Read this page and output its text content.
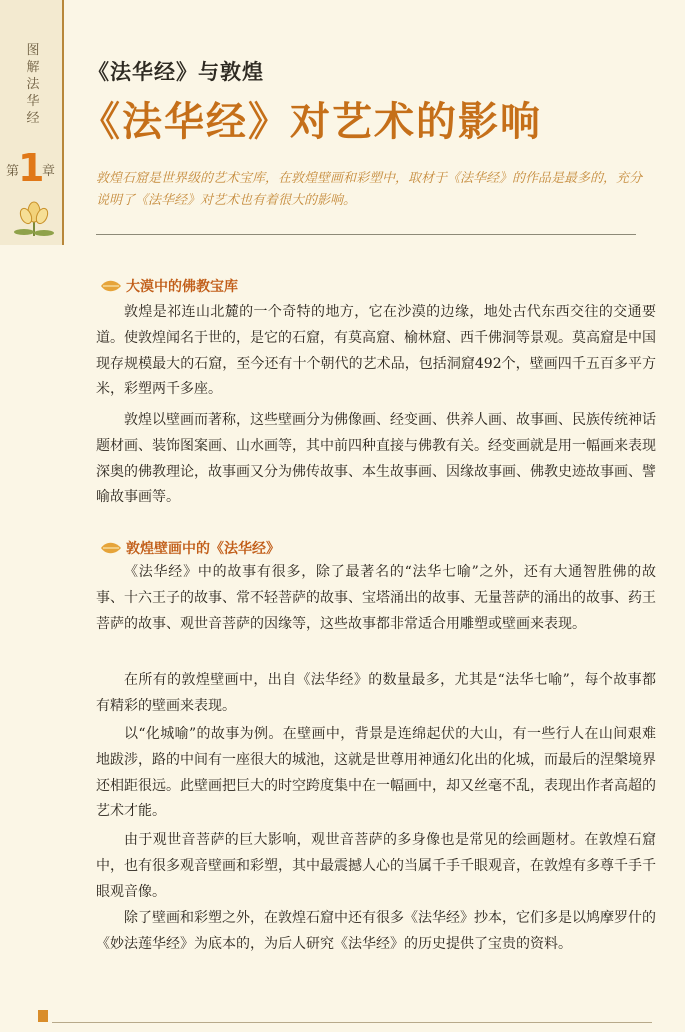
图
解
法
华
经
第
1
章
《法华经》与敦煌
《法华经》对艺术的影响
敦煌石窟是世界级的艺术宝库，在敦煌壁画和彩塑中，取材于《法华经》的作品是最多的，充分说明了《法华经》对艺术也有着很大的影响。
大漠中的佛教宝库
敦煌是祁连山北麓的一个奇特的地方，它在沙漠的边缘，地处古代东西交往的交通要道。使敦煌闻名于世的，是它的石窟，有莫高窟、榆林窟、西千佛洞等景观。莫高窟是中国现存规模最大的石窟，至今还有十个朝代的艺术品，包括洞窟492个，壁画四千五百多平方米，彩塑两千多座。
敦煌以壁画而著称，这些壁画分为佛像画、经变画、供养人画、故事画、民族传统神话题材画、装饰图案画、山水画等，其中前四种直接与佛教有关。经变画就是用一幅画来表现深奥的佛教理论，故事画又分为佛传故事、本生故事画、因缘故事画、佛教史迹故事画、譬喻故事画等。
敦煌壁画中的《法华经》
《法华经》中的故事有很多，除了最著名的“法华七喻”之外，还有大通智胜佛的故事、十六王子的故事、常不轻菩萨的故事、宝塔涌出的故事、无量菩萨的涌出的故事、药王菩萨的故事、观世音菩萨的因缘等，这些故事都非常适合用雕塑或壁画来表现。
在所有的敦煌壁画中，出自《法华经》的数量最多，尤其是“法华七喻”，每个故事都有精彩的壁画来表现。
以“化城喻”的故事为例。在壁画中，背景是连绵起伏的大山，有一些行人在山间艰难地跋涉，路的中间有一座很大的城池，这就是世尊用神通幻化出的化城，而最后的涅槃境界还相距很远。此壁画把巨大的时空跨度集中在一幅画中，却又丝毫不乱，表现出作者高超的艺术才能。
由于观世音菩萨的巨大影响，观世音菩萨的多身像也是常见的绘画题材。在敦煌石窟中，也有很多观音壁画和彩塑，其中最震撼人心的当属千手千眼观音，在敦煌有多尊千手千眼观音像。
除了壁画和彩塑之外，在敦煌石窟中还有很多《法华经》抄本，它们多是以鸠摩罗什的《妙法莲华经》为底本的，为后人研究《法华经》的历史提供了宝贵的资料。
